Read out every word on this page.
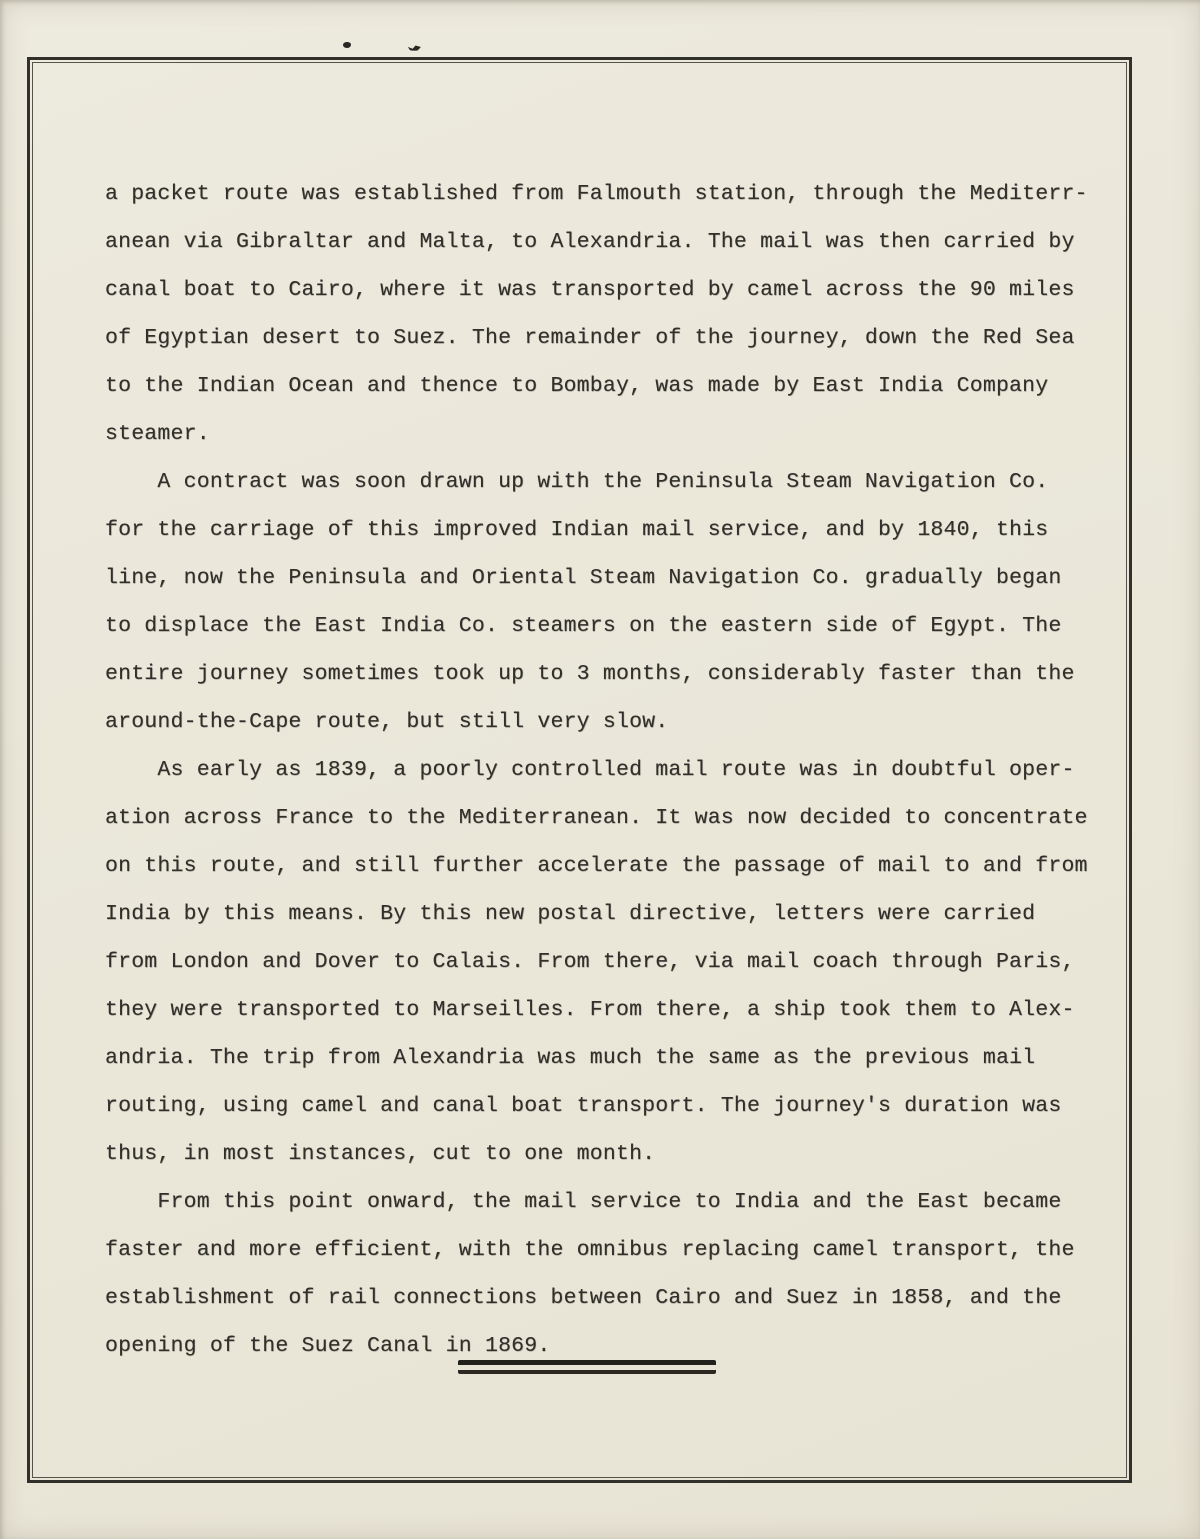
a packet route was established from Falmouth station, through the Mediterr-
anean via Gibraltar and Malta, to Alexandria. The mail was then carried by
canal boat to Cairo, where it was transported by camel across the 90 miles
of Egyptian desert to Suez. The remainder of the journey, down the Red Sea
to the Indian Ocean and thence to Bombay, was made by East India Company
steamer.
A contract was soon drawn up with the Peninsula Steam Navigation Co.
for the carriage of this improved Indian mail service, and by 1840, this
line, now the Peninsula and Oriental Steam Navigation Co. gradually began
to displace the East India Co. steamers on the eastern side of Egypt. The
entire journey sometimes took up to 3 months, considerably faster than the
around-the-Cape route, but still very slow.
As early as 1839, a poorly controlled mail route was in doubtful oper-
ation across France to the Mediterranean. It was now decided to concentrate
on this route, and still further accelerate the passage of mail to and from
India by this means. By this new postal directive, letters were carried
from London and Dover to Calais. From there, via mail coach through Paris,
they were transported to Marseilles. From there, a ship took them to Alex-
andria. The trip from Alexandria was much the same as the previous mail
routing, using camel and canal boat transport. The journey's duration was
thus, in most instances, cut to one month.
From this point onward, the mail service to India and the East became
faster and more efficient, with the omnibus replacing camel transport, the
establishment of rail connections between Cairo and Suez in 1858, and the
opening of the Suez Canal in 1869.
